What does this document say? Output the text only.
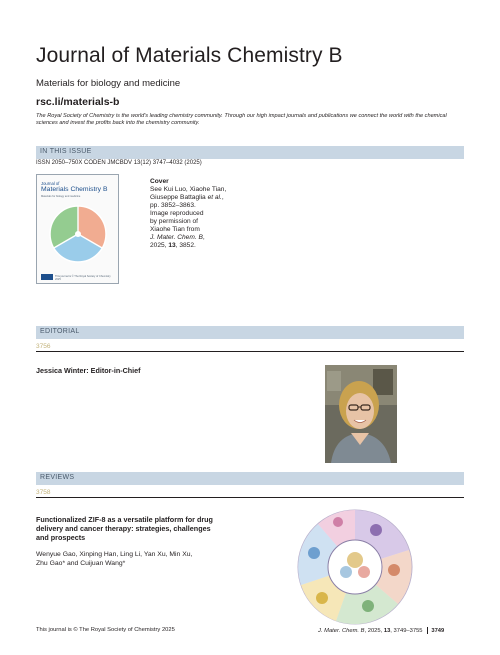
Journal of Materials Chemistry B
Materials for biology and medicine
rsc.li/materials-b
The Royal Society of Chemistry is the world's leading chemistry community. Through our high impact journals and publications we connect the world with the chemical sciences and invest the profits back into the chemistry community.
IN THIS ISSUE
ISSN 2050–750X CODEN JMCBDV 13(12) 3747–4032 (2025)
Journal of
Materials Chemistry B
Materials for biology and medicine
This journal is © The Royal Society of Chemistry 2025
Cover
See Kui Luo, Xiaohe Tian,
Giuseppe Battaglia et al.,
pp. 3852–3863.
Image reproduced
by permission of
Xiaohe Tian from
J. Mater. Chem. B,
2025, 13, 3852.
EDITORIAL
3756
Jessica Winter: Editor-in-Chief
REVIEWS
3758
Functionalized ZIF-8 as a versatile platform for drug
delivery and cancer therapy: strategies, challenges
and prospects
Wenyue Gao, Xinping Han, Ling Li, Yan Xu, Min Xu,
Zhu Gao* and Cuijuan Wang*
This journal is © The Royal Society of Chemistry 2025	J. Mater. Chem. B, 2025, 13, 3749–3755 3749
